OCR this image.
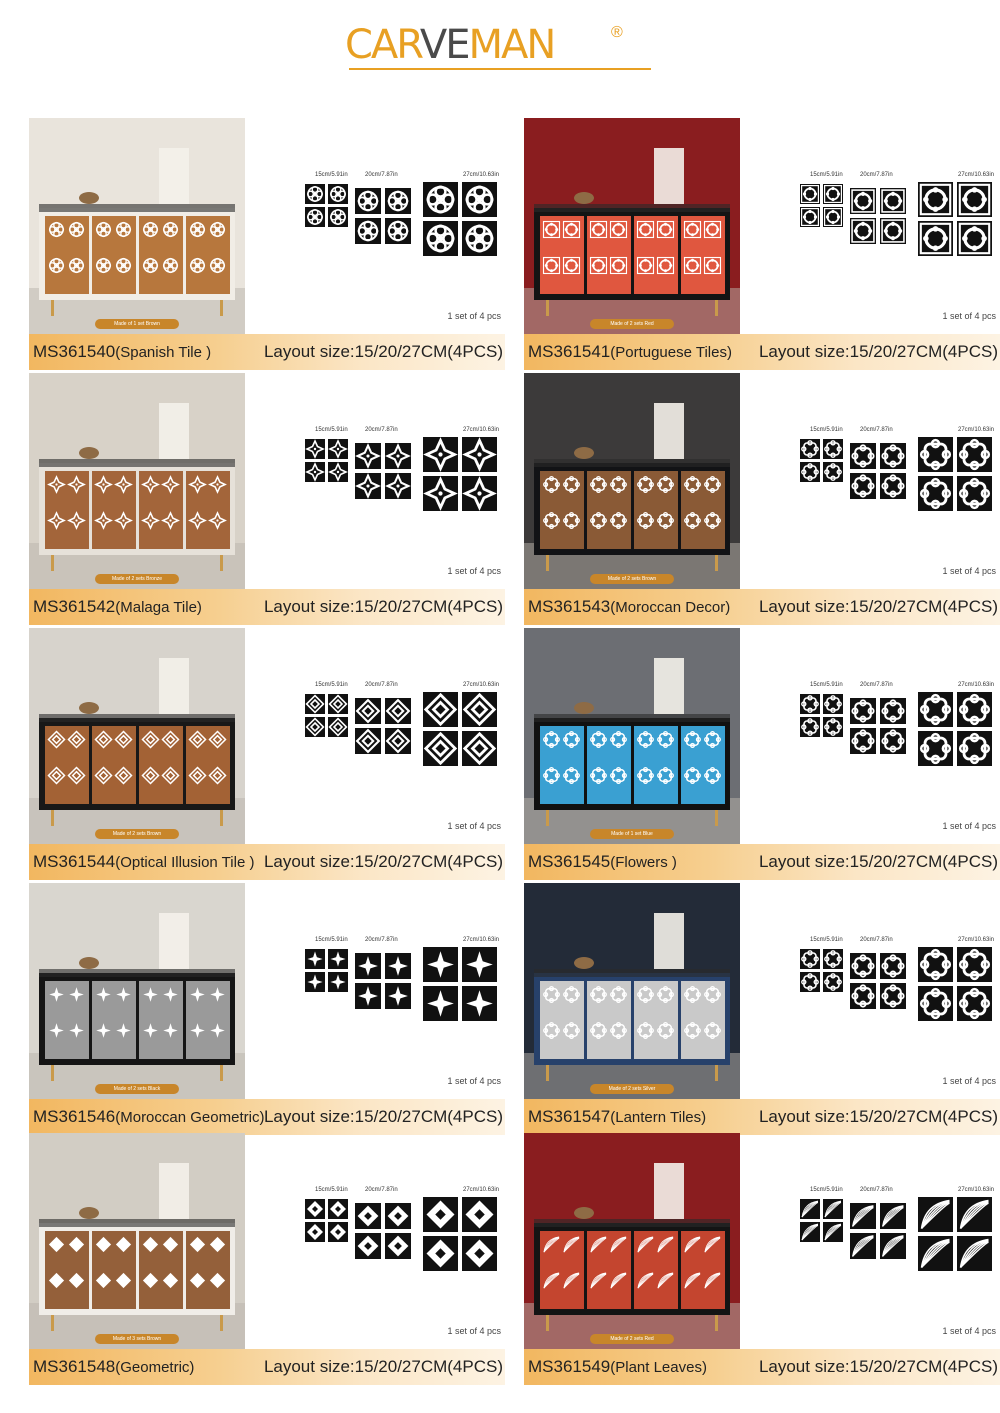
CARVEMAN	®
Made of 1 set Brown
15cm/5.91in	20cm/7.87in	27cm/10.63in
1 set of 4 pcs
MS361540(Spanish Tile )	Layout size:15/20/27CM(4PCS)
Made of 2 sets Red
15cm/5.91in	20cm/7.87in	27cm/10.63in
1 set of 4 pcs
MS361541(Portuguese Tiles) Layout size:15/20/27CM(4PCS)
Made of 2 sets Bronze
15cm/5.91in	20cm/7.87in	27cm/10.63in
1 set of 4 pcs
MS361542(Malaga Tile)	Layout size:15/20/27CM(4PCS)
Made of 2 sets Brown
15cm/5.91in	20cm/7.87in	27cm/10.63in
1 set of 4 pcs
MS361543(Moroccan Decor) Layout size:15/20/27CM(4PCS)
Made of 2 sets Brown
15cm/5.91in	20cm/7.87in	27cm/10.63in
1 set of 4 pcs
MS361544(Optical Illusion Tile ) Layout size:15/20/27CM(4PCS)
Made of 1 set Blue
15cm/5.91in	20cm/7.87in	27cm/10.63in
1 set of 4 pcs
MS361545(Flowers )	Layout size:15/20/27CM(4PCS)
Made of 2 sets Black
15cm/5.91in	20cm/7.87in	27cm/10.63in
1 set of 4 pcs
MS361546(Moroccan Geometric) Layout size:15/20/27CM(4PCS)
Made of 2 sets Silver
15cm/5.91in	20cm/7.87in	27cm/10.63in
1 set of 4 pcs
MS361547(Lantern Tiles)	Layout size:15/20/27CM(4PCS)
Made of 3 sets Brown
15cm/5.91in	20cm/7.87in	27cm/10.63in
1 set of 4 pcs
MS361548(Geometric)	Layout size:15/20/27CM(4PCS)
Made of 2 sets Red
15cm/5.91in	20cm/7.87in	27cm/10.63in
1 set of 4 pcs
MS361549(Plant Leaves)	Layout size:15/20/27CM(4PCS)
